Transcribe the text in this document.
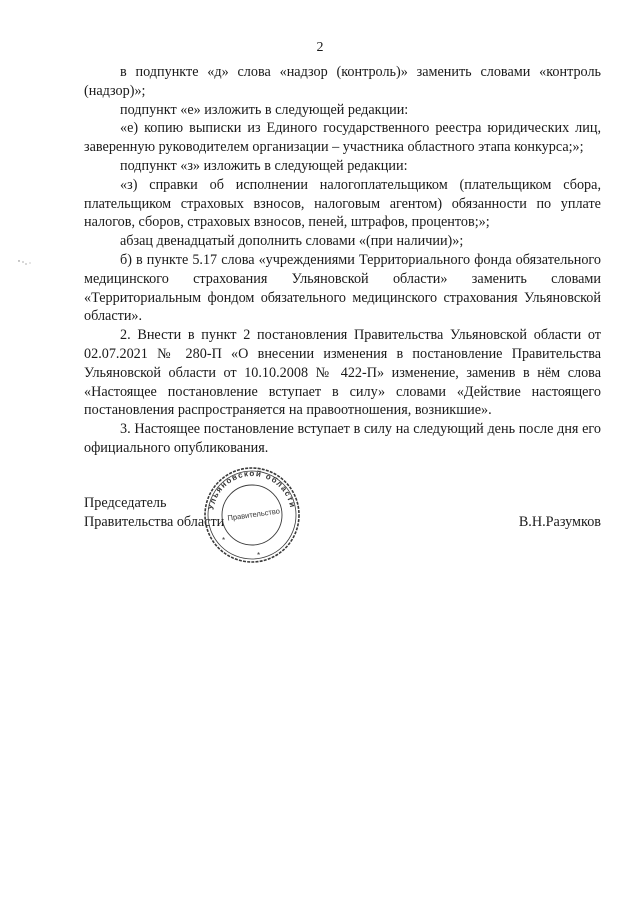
2

в подпункте «д» слова «надзор (контроль)» заменить словами «контроль (надзор)»;

подпункт «е» изложить в следующей редакции:

«е) копию выписки из Единого государственного реестра юридических лиц, заверенную руководителем организации – участника областного этапа конкурса;»;

подпункт «з» изложить в следующей редакции:

«з) справки об исполнении налогоплательщиком (плательщиком сбора, плательщиком страховых взносов, налоговым агентом) обязанности по уплате налогов, сборов, страховых взносов, пеней, штрафов, процентов;»;

абзац двенадцатый дополнить словами «(при наличии)»;

б) в пункте 5.17 слова «учреждениями Территориального фонда обязательного медицинского страхования Ульяновской области» заменить словами «Территориальным фондом обязательного медицинского страхования Ульяновской области».

2. Внести в пункт 2 постановления Правительства Ульяновской области от 02.07.2021 № 280-П «О внесении изменения в постановление Правительства Ульяновской области от 10.10.2008 № 422-П» изменение, заменив в нём слова «Настоящее постановление вступает в силу» словами «Действие настоящего постановления распространяется на правоотношения, возникшие».

3. Настоящее постановление вступает в силу на следующий день после дня его официального опубликования.

Председатель
Правительства области	В.Н.Разумков
Ульяновской области
Правительство
*
*
